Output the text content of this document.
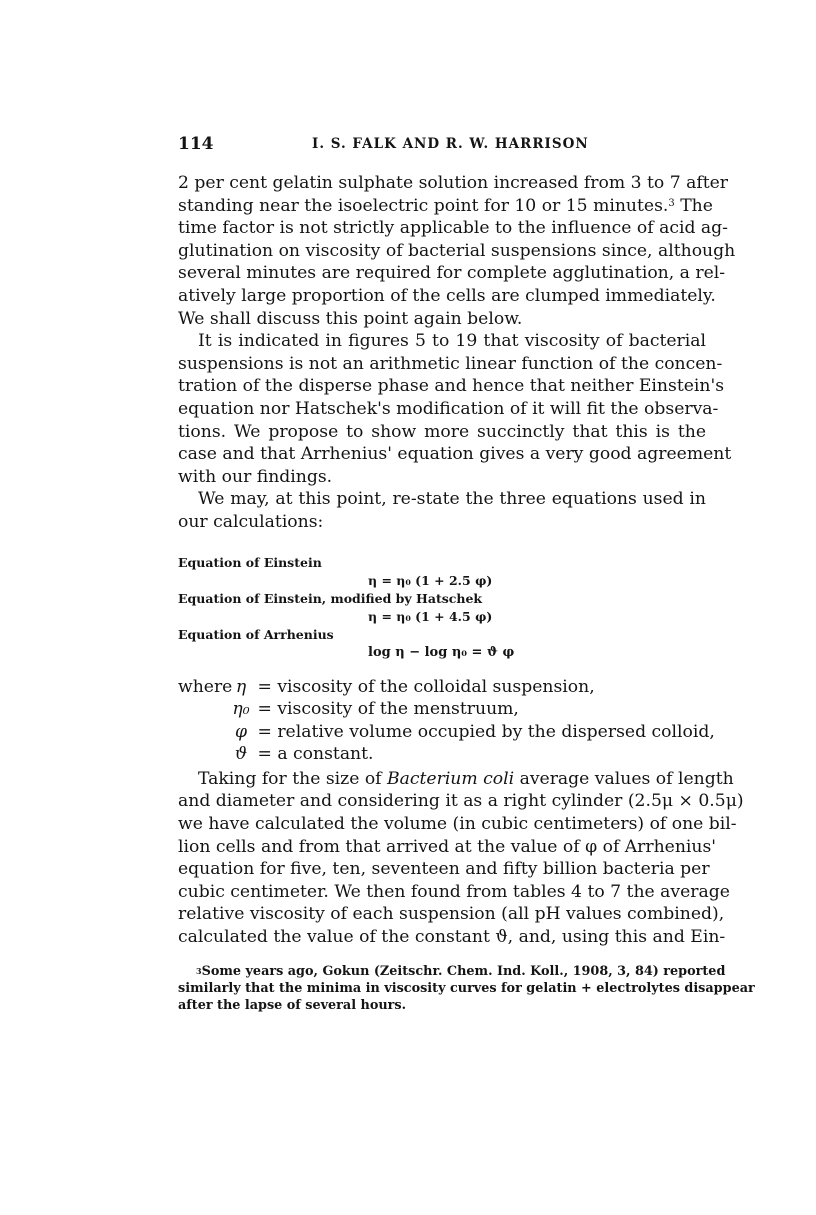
114	I. S. FALK AND R. W. HARRISON

2 per cent gelatin sulphate solution increased from 3 to 7 after
standing near the isoelectric point for 10 or 15 minutes.$^3$ The
time factor is not strictly applicable to the influence of acid ag-
glutination on viscosity of bacterial suspensions since, although
several minutes are required for complete agglutination, a rel-
atively large proportion of the cells are clumped immediately.
We shall discuss this point again below.

It is indicated in figures 5 to 19 that viscosity of bacterial
suspensions is not an arithmetic linear function of the concen-
tration of the disperse phase and hence that neither Einstein's
equation nor Hatschek's modification of it will fit the observa-
tions. We propose to show more succinctly that this is the
case and that Arrhenius' equation gives a very good agreement
with our findings.

We may, at this point, re-state the three equations used in
our calculations:

Equation of Einstein
η = η₀ (1 + 2.5 φ)
Equation of Einstein, modified by Hatschek
η = η₀ (1 + 4.5 φ)
Equation of Arrhenius
log η − log η₀ = ϑ φ
where η = viscosity of the colloidal suspension,
η₀ = viscosity of the menstruum,
φ = relative volume occupied by the dispersed colloid,
ϑ = a constant.

Taking for the size of Bacterium coli average values of length
and diameter and considering it as a right cylinder (2.5μ × 0.5μ)
we have calculated the volume (in cubic centimeters) of one bil-
lion cells and from that arrived at the value of φ of Arrhenius'
equation for five, ten, seventeen and fifty billion bacteria per
cubic centimeter. We then found from tables 4 to 7 the average
relative viscosity of each suspension (all pH values combined),
calculated the value of the constant ϑ, and, using this and Ein-

$^3$Some years ago, Gokun (Zeitschr. Chem. Ind. Koll., 1908, 3, 84) reported
similarly that the minima in viscosity curves for gelatin + electrolytes disappear
after the lapse of several hours.
